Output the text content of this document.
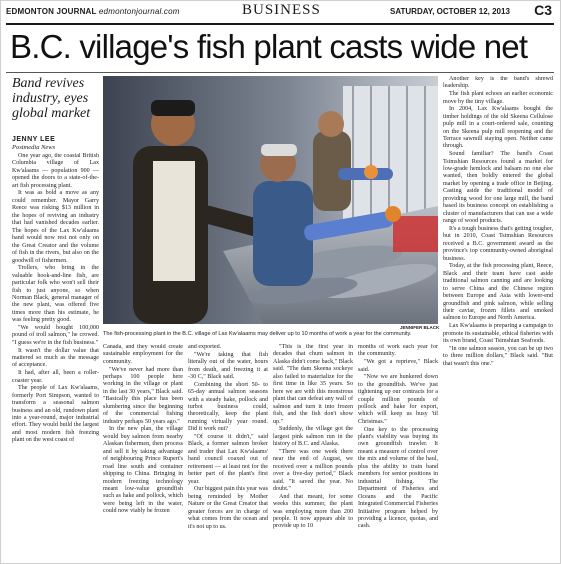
EDMONTON JOURNAL edmontonjournal.com	BUSINESS	SATURDAY, OCTOBER 12, 2013 C3
B.C. village's fish plant casts wide net
Band revives industry, eyes global market
JENNY LEE
Postmedia News
JENNIFER BLACK
The fish-processing plant in the B.C. village of Lax Kw'alaams may deliver up to 10 months of work a year for the community.

One year ago, the coastal British Columbia village of Lax Kw'alaams — population 900 — opened the doors to a state-of-the-art fish processing plant.

It was as bold a move as any could remember. Mayor Garry Reece was risking $13 million in the hopes of reviving an industry that had vanished decades earlier. The hopes of the Lax Kw'alaams band would now rest not only on the Great Creator and the volume of fish in the rivers, but also on the goodwill of fishermen.

Trollers, who bring in the valuable hook-and-line fish, are particular folk who won't sell their fish to just anyone, so when Norman Black, general manager of the new plant, was offered five times more than his estimate, he was feeling pretty good.

"We would bought 100,000 pound of troll salmon," he crowed. "I guess we're in the fish business."

It wasn't the dollar value that mattered so much as the message of acceptance.

It had, after all, been a roller-coaster year.

The people of Lax Kw'alaams, formerly Port Simpson, wanted to transform a seasonal salmon business and an old, rundown plant into a year-round, major industrial effort. They would build the largest and most modern fish freezing plant on the west coast of

Canada, and they would create sustainable employment for the community.

"We've never had more than perhaps 100 people here working in the village or plant in the last 30 years," Black said. "Basically this place has been slumbering since the beginning of the commercial fishing industry perhaps 50 years ago."

In the new plan, the village would buy salmon from nearby Alaskan fishermen, then process and sell it by taking advantage of neighbouring Prince Rupert's road line south and container shipping to China. Bringing in modern freezing technology meant low-value groundfish such as hake and pollock, which were being left in the water, could now viably be frozen

and exported.

"We're taking that fish literally out of the water, hours from death, and freezing it at -30 C," Black said.

Combining the short 50- to 65-day annual salmon seasons with a steady hake, pollock and turbot business could, theoretically, keep the plant running virtually year round. Did it work out?

"Of course it didn't," said Black, a former salmon broker and trader that Lax Kw'alaams' band council coaxed out of retirement — at least not for the better part of the plant's first year.

Our biggest pain this year was being reminded by Mother Nature or the Great Creator that greater forces are in charge of what comes from the ocean and it's not up to us.

"This is the first year in decades that chum salmon in Alaska didn't come back," Black said. "The dam Skeena sockeye also failed to materialize for the first time in like 35 years. So here we are with this monstrous plant that can defeat any wall of salmon and turn it into frozen fish, and the fish don't show up."

Suddenly, the village got the largest pink salmon run in the history of B.C. and Alaska.

"There was one week there near the end of August, we received over a million pounds over a five-day period," Black said. "It saved the year. No doubt."

And that meant, for some weeks this summer, the plant was employing more than 200 people. It now appears able to provide up to 10

months of work each year for the community.

"We got a reprieve," Black said.

"Now we are hunkered down to the groundfish. We've just tightening up our contracts for a couple million pounds of pollock and hake for export, which will keep us busy 'til Christmas."

One key to the processing plant's viability was buying its own groundfish trawler. It meant a measure of control over the mix and volume of the haul, plus the ability to train band members for senior positions in industrial fishing. The Department of Fisheries and Oceans and the Pacific Integrated Commercial Fisheries Initiative program helped by providing a licence, quotas, and cash.

Another key is the band's shrewd leadership.

The fish plant echoes an earlier economic move by the tiny village.

In 2004, Lax Kw'alaams bought the timber holdings of the old Skeena Cellulose pulp mill in a court-ordered sale, counting on the Skeena pulp mill reopening and the Terrace sawmill staying open. Neither came through.

Sound familiar? The band's Coast Tsimshian Resources found a market for low-grade hemlock and balsam no one else wanted, then boldly entered the global market by opening a trade office in Beijing. Casting aside the traditional model of providing wood for one large mill, the band based its business concept on establishing a cluster of manufacturers that can use a wide range of wood products.

It's a tough business that's getting tougher, but in 2010, Coast Tsimshian Resources received a B.C. government award as the province's top community-owned aboriginal business.

Today, at the fish processing plant, Reece, Black and their team have cast aside traditional salmon canning and are looking to serve China and the Chinese region between Europe and Asia with lower-end groundfish and pink salmon, while selling their caviar, frozen fillets and smoked salmon to Europe and North America.

Lax Kw'alaams is preparing a campaign to promote its sustainable, ethical fisheries with its own brand, Coast Tsimshian Seafoods.

"In one salmon season, you can be up two to three million dollars," Black said. "But that wasn't this one."
